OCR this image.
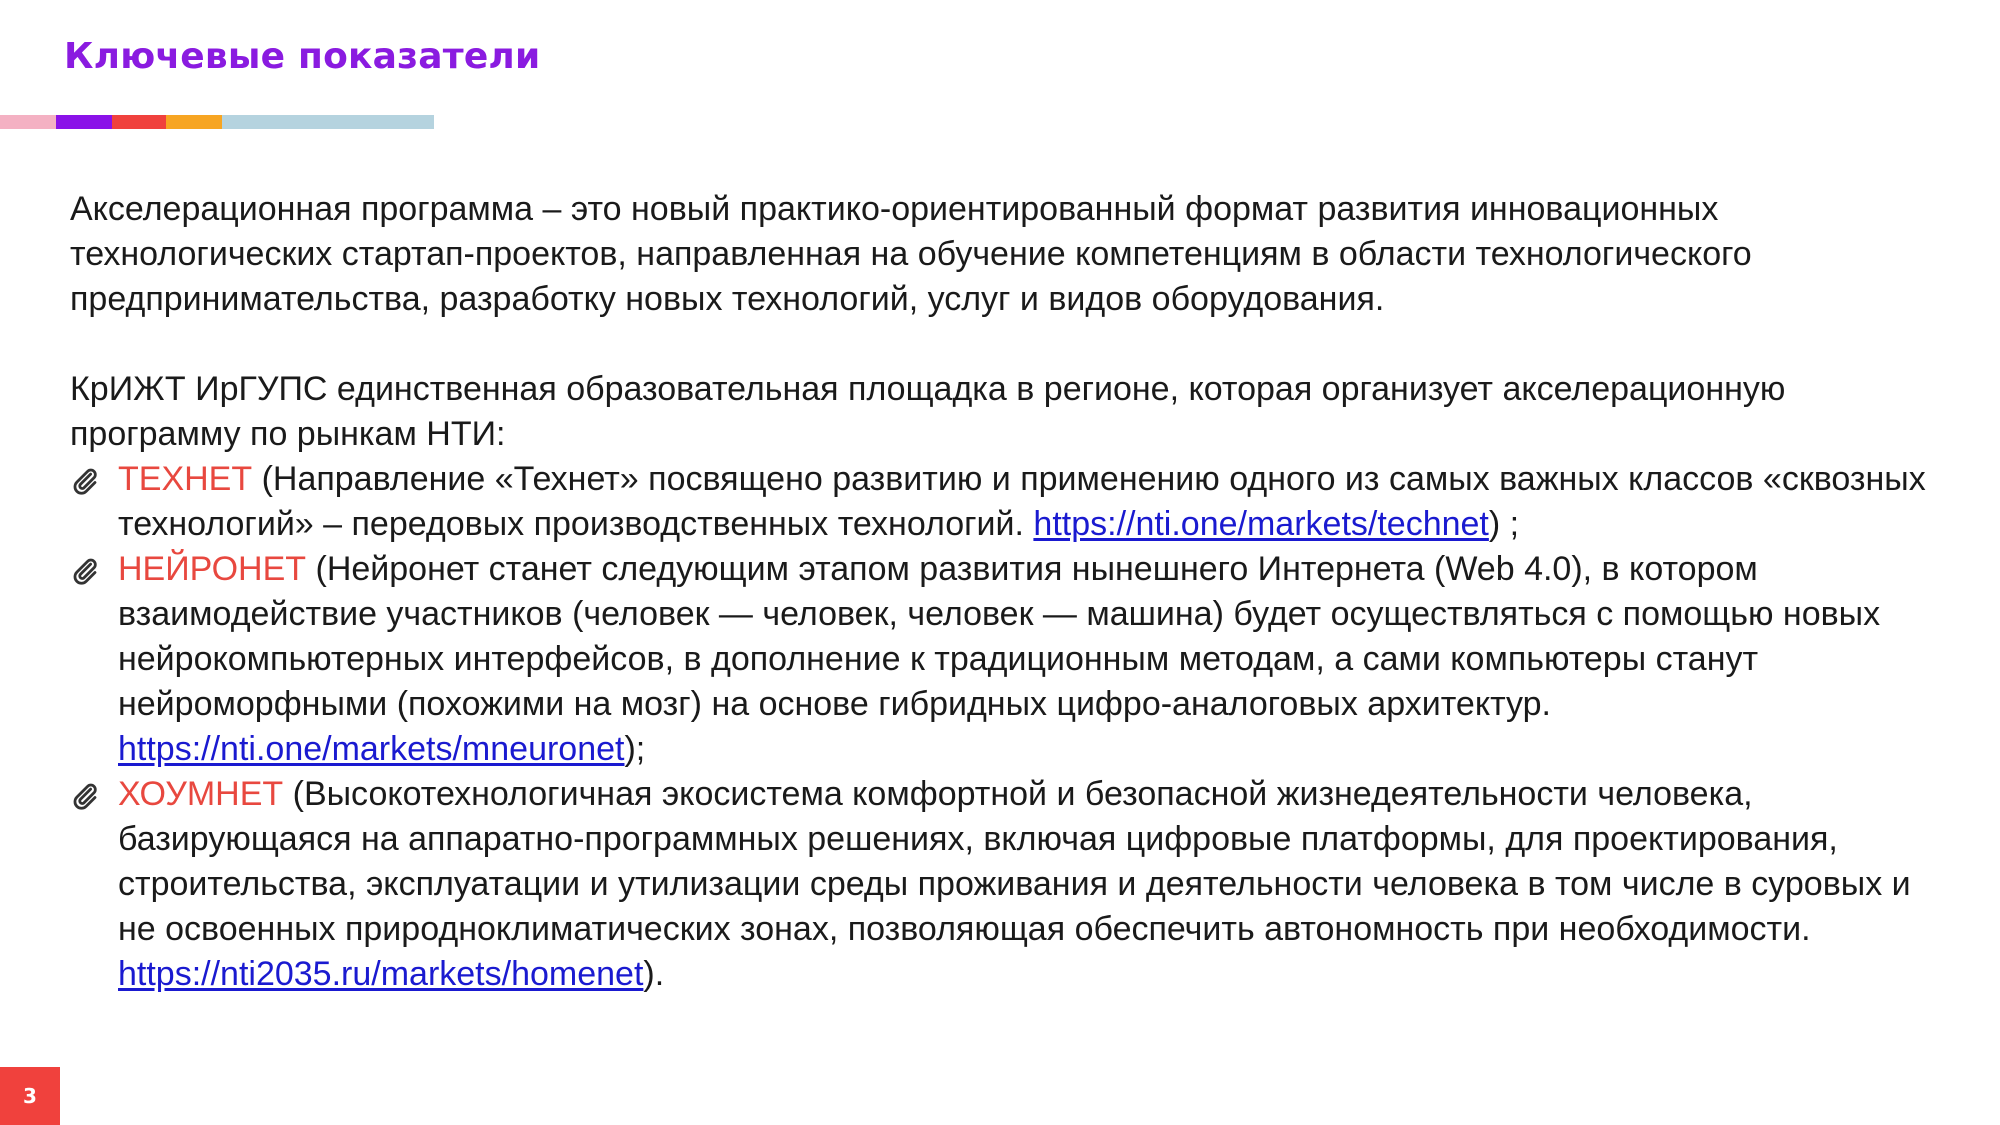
Ключевые показатели

Акселерационная программа – это новый практико-ориентированный формат развития инновационных технологических стартап-проектов, направленная на обучение компетенциям в области технологического предпринимательства, разработку новых технологий, услуг и видов оборудования.

КрИЖТ ИрГУПС единственная образовательная площадка в регионе, которая организует акселерационную программу по рынкам НТИ:

ТЕХНЕТ (Направление «Технет» посвящено развитию и применению одного из самых важных классов «сквозных технологий» – передовых производственных технологий. https://nti.one/markets/technet) ;

НЕЙРОНЕТ (Нейронет станет следующим этапом развития нынешнего Интернета (Web 4.0), в котором взаимодействие участников (человек — человек, человек — машина) будет осуществляться с помощью новых нейрокомпьютерных интерфейсов, в дополнение к традиционным методам, а сами компьютеры станут нейроморфными (похожими на мозг) на основе гибридных цифро-аналоговых архитектур. https://nti.one/markets/mneuronet);

ХОУМНЕТ (Высокотехнологичная экосистема комфортной и безопасной жизнедеятельности человека, базирующаяся на аппаратно-программных решениях, включая цифровые платформы, для проектирования, строительства, эксплуатации и утилизации среды проживания и деятельности человека в том числе в суровых и не освоенных природноклиматических зонах, позволяющая обеспечить автономность при необходимости. https://nti2035.ru/markets/homenet).

3
